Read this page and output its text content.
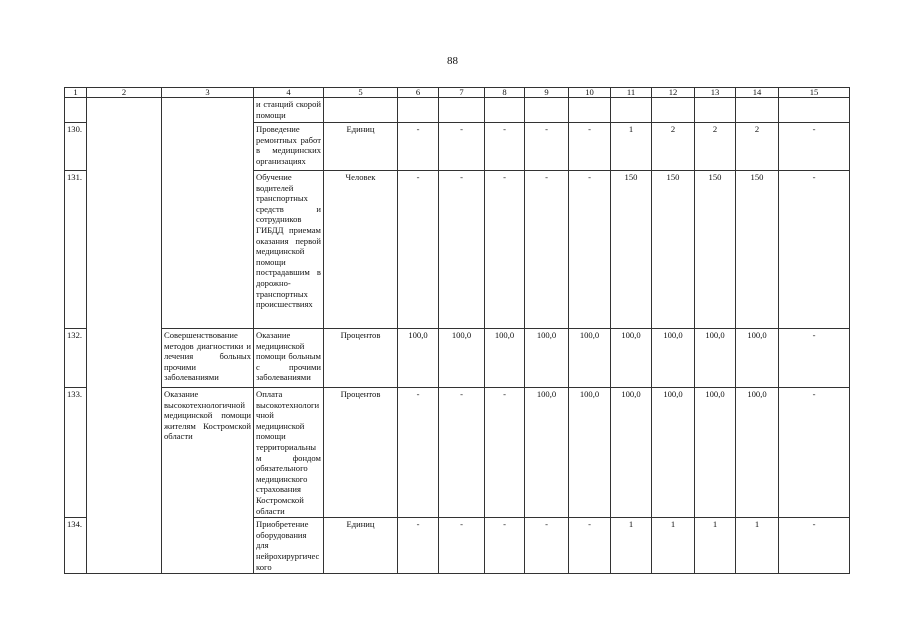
88
1	2	3	4	5	6	7	8	9	10	11	12	13	14	15
			и станций скорой помощи											
130.			Проведение ремонтных работ в медицинских организациях	Единиц	-	-	-	-	-	1	2	2	2	-
131.			Обучение водителей транспортных средств и сотрудников ГИБДД приемам оказания первой медицинской помощи пострадавшим в дорожно-транспортных происшествиях	Человек	-	-	-	-	-	150	150	150	150	-
132.		Совершенствование методов диагностики и лечения больных прочими заболеваниями	Оказание медицинской помощи больным с прочими заболеваниями	Процентов	100,0	100,0	100,0	100,0	100,0	100,0	100,0	100,0	100,0	-
133.		Оказание высокотехнологичной медицинской помощи жителям Костромской области	Оплата высокотехнологичной медицинской помощи территориальным фондом обязательного медицинского страхования Костромской области	Процентов	-	-	-	100,0	100,0	100,0	100,0	100,0	100,0	-
134.			Приобретение оборудования для нейрохирургического	Единиц	-	-	-	-	-	1	1	1	1	-
